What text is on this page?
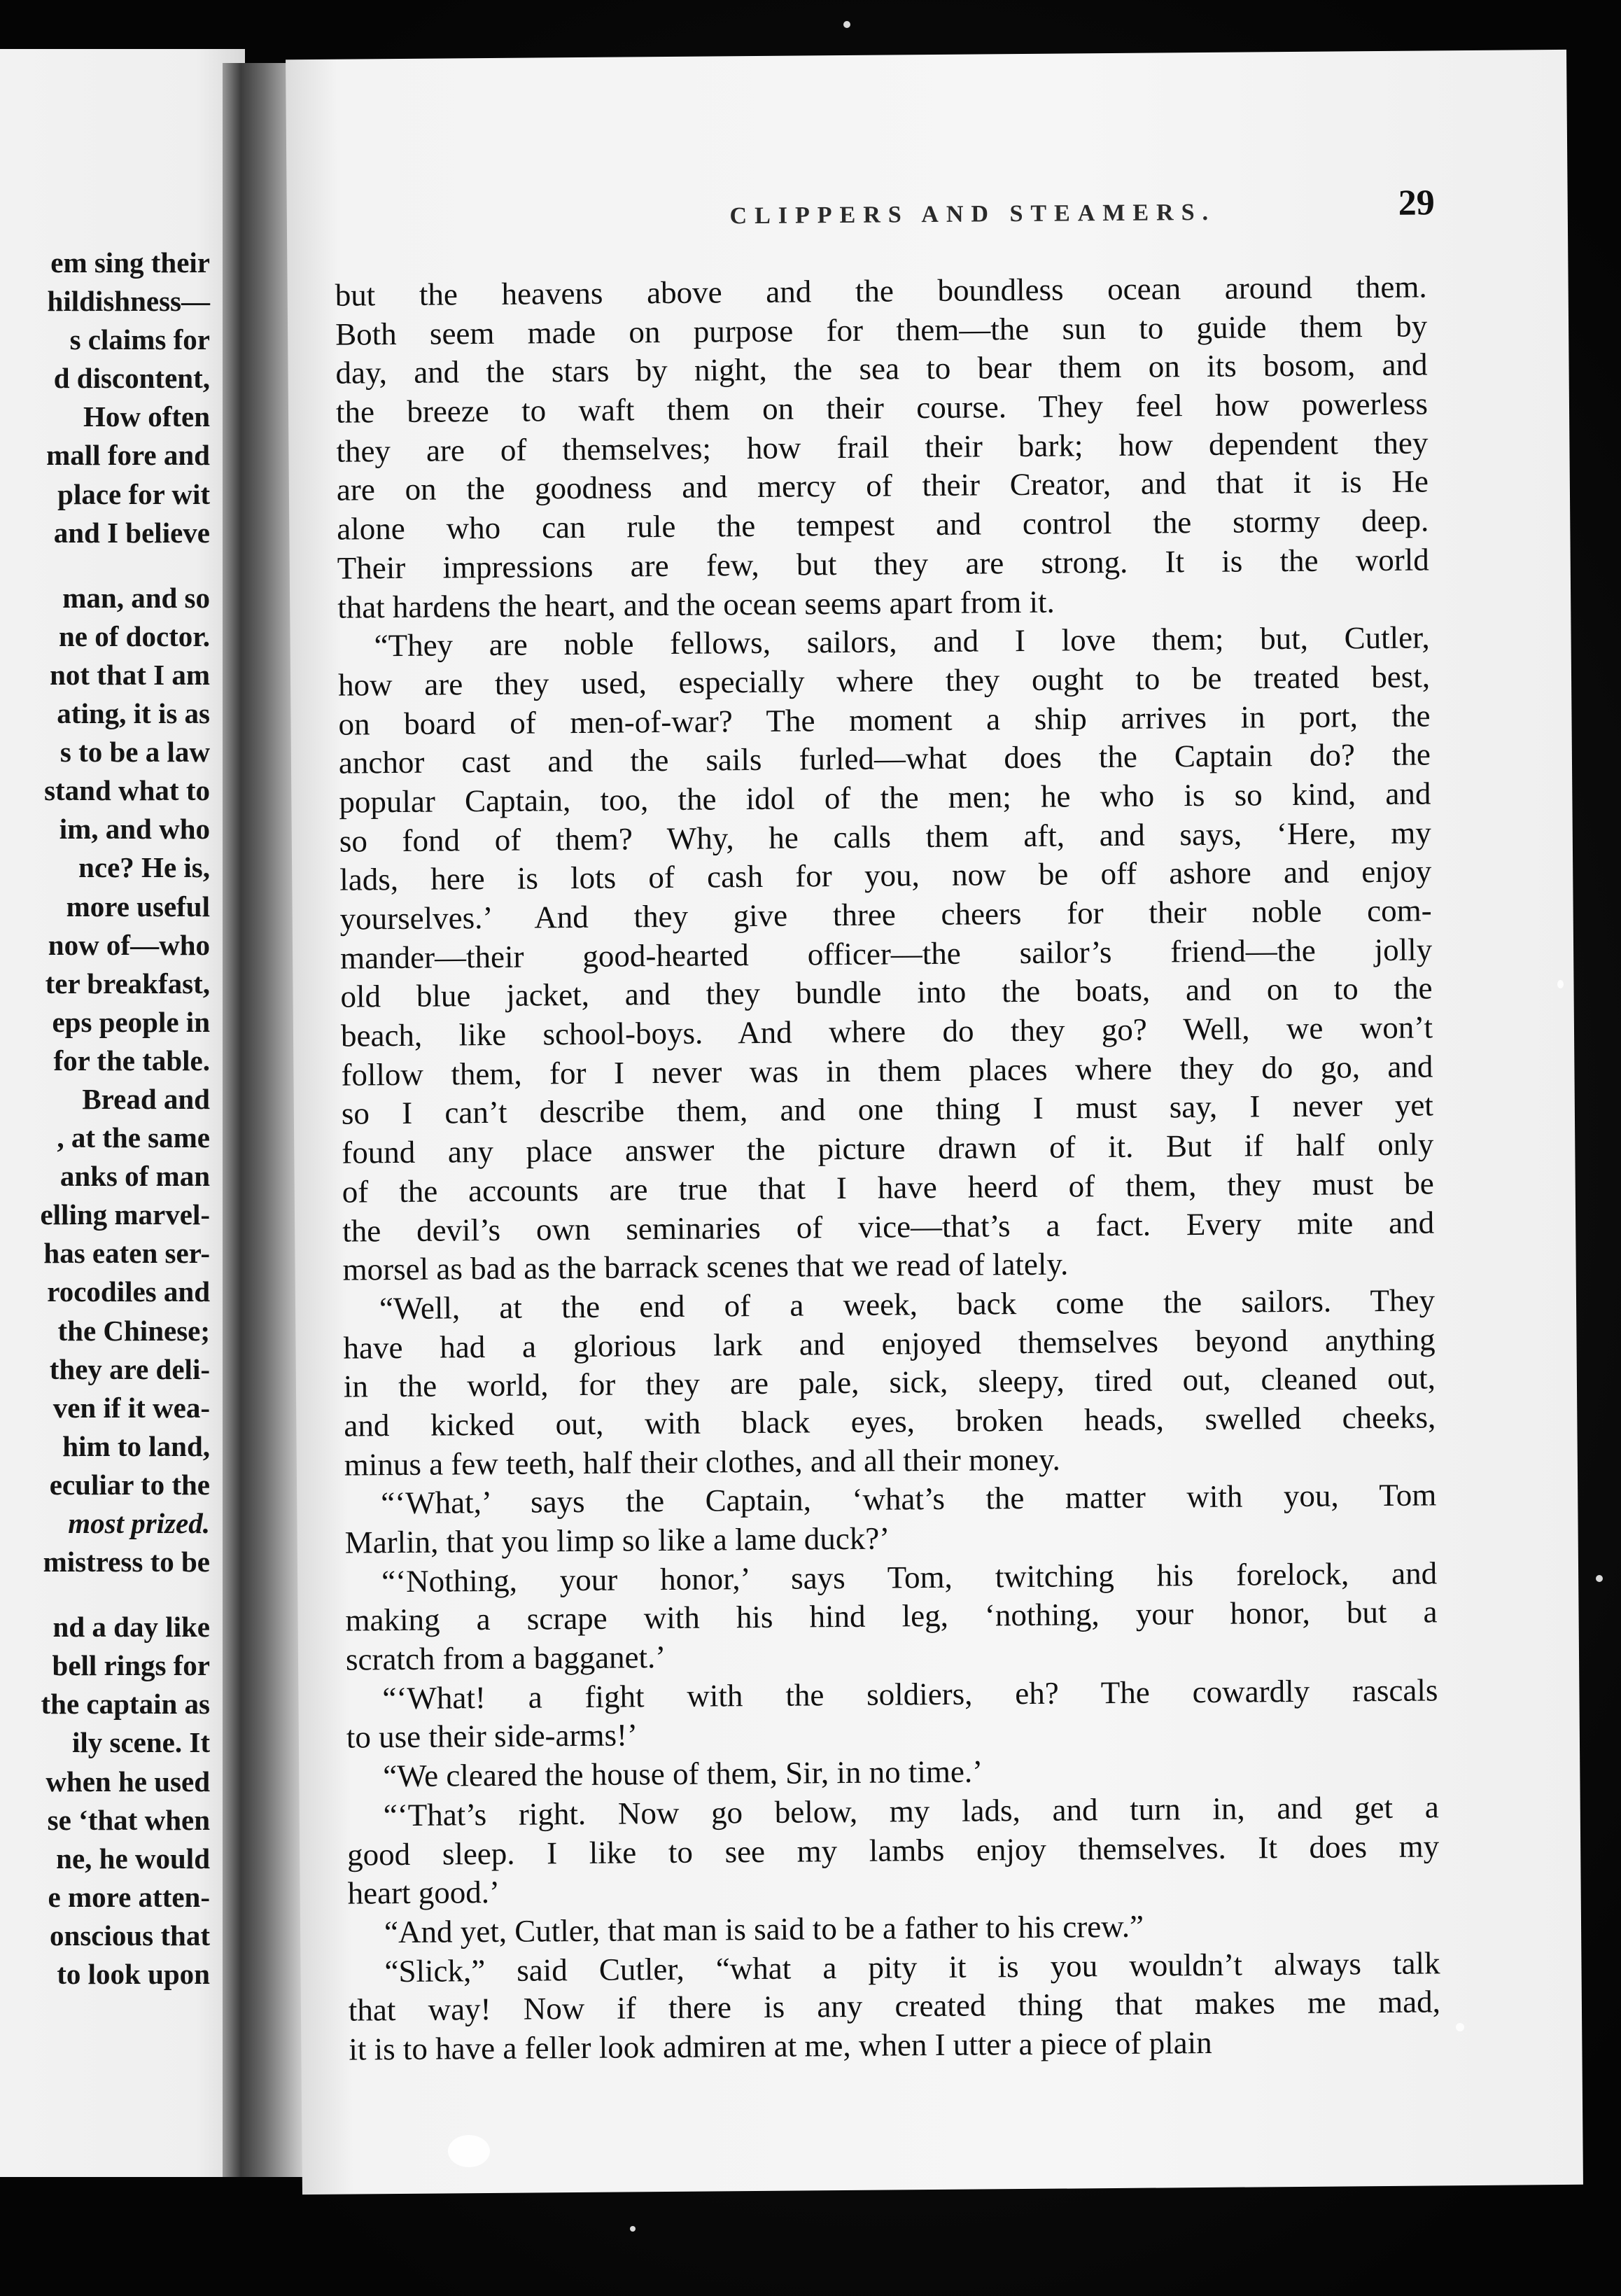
em sing their
hildishness—
s claims for
d discontent,
How often
mall fore and
place for wit
and I believe
man, and so
ne of doctor.
not that I am
ating, it is as
s to be a law
stand what to
im, and who
nce? He is,
more useful
now of—who
ter breakfast,
eps people in
for the table.
Bread and
, at the same
anks of man
elling marvel-
has eaten ser-
rocodiles and
the Chinese;
they are deli-
ven if it wea-
him to land,
eculiar to the
most prized.
mistress to be
nd a day like
bell rings for
the captain as
ily scene. It
when he used
se ‘that when
ne, he would
e more atten-
onscious that
to look upon
CLIPPERS AND STEAMERS.	29
but the heavens above and the boundless ocean around them.
Both seem made on purpose for them—the sun to guide them by
day, and the stars by night, the sea to bear them on its bosom, and
the breeze to waft them on their course. They feel how powerless
they are of themselves; how frail their bark; how dependent they
are on the goodness and mercy of their Creator, and that it is He
alone who can rule the tempest and control the stormy deep.
Their impressions are few, but they are strong. It is the world
that hardens the heart, and the ocean seems apart from it.
“They are noble fellows, sailors, and I love them; but, Cutler,
how are they used, especially where they ought to be treated best,
on board of men-of-war? The moment a ship arrives in port, the
anchor cast and the sails furled—what does the Captain do? the
popular Captain, too, the idol of the men; he who is so kind, and
so fond of them? Why, he calls them aft, and says, ‘Here, my
lads, here is lots of cash for you, now be off ashore and enjoy
yourselves.’ And they give three cheers for their noble com-
mander—their good-hearted officer—the sailor’s friend—the jolly
old blue jacket, and they bundle into the boats, and on to the
beach, like school-boys. And where do they go? Well, we won’t
follow them, for I never was in them places where they do go, and
so I can’t describe them, and one thing I must say, I never yet
found any place answer the picture drawn of it. But if half only
of the accounts are true that I have heerd of them, they must be
the devil’s own seminaries of vice—that’s a fact. Every mite and
morsel as bad as the barrack scenes that we read of lately.
“Well, at the end of a week, back come the sailors. They
have had a glorious lark and enjoyed themselves beyond anything
in the world, for they are pale, sick, sleepy, tired out, cleaned out,
and kicked out, with black eyes, broken heads, swelled cheeks,
minus a few teeth, half their clothes, and all their money.
“‘What,’ says the Captain, ‘what’s the matter with you, Tom
Marlin, that you limp so like a lame duck?’
“‘Nothing, your honor,’ says Tom, twitching his forelock, and
making a scrape with his hind leg, ‘nothing, your honor, but a
scratch from a bagganet.’
“‘What! a fight with the soldiers, eh? The cowardly rascals
to use their side-arms!’
“We cleared the house of them, Sir, in no time.’
“‘That’s right. Now go below, my lads, and turn in, and get a
good sleep. I like to see my lambs enjoy themselves. It does my
heart good.’
“And yet, Cutler, that man is said to be a father to his crew.”
“Slick,” said Cutler, “what a pity it is you wouldn’t always talk
that way! Now if there is any created thing that makes me mad,
it is to have a feller look admiren at me, when I utter a piece of plain
